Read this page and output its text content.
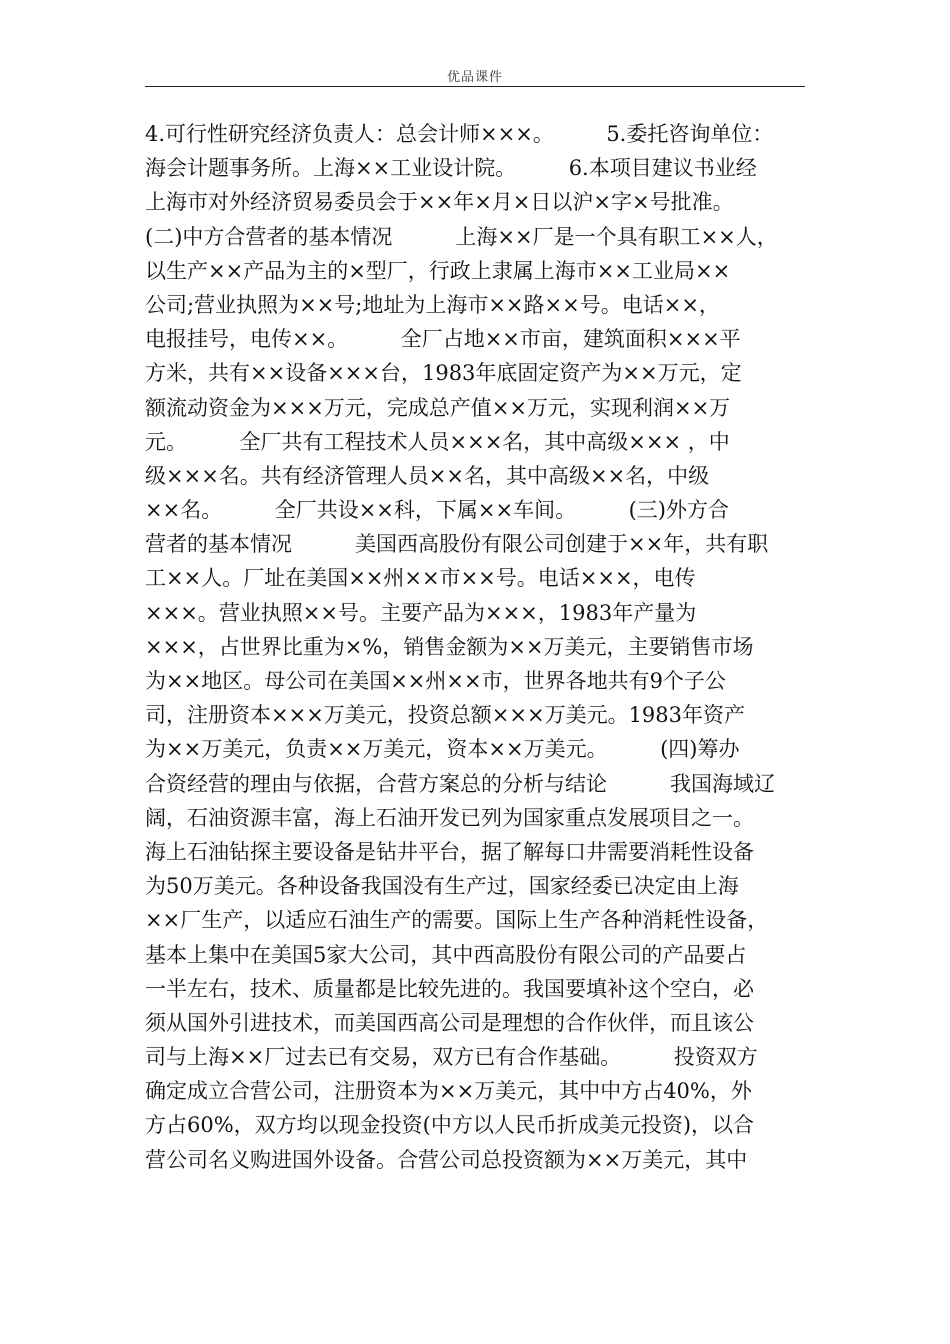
优品课件
4.可行性研究经济负责人：总会计师×××。　　　5.委托咨询单位：
海会计题事务所。上海××工业设计院。　　　6.本项目建议书业经
上海市对外经济贸易委员会于××年×月×日以沪×字×号批准。
(二)中方合营者的基本情况　　　上海××厂是一个具有职工××人，
以生产××产品为主的×型厂，行政上隶属上海市××工业局××
公司;营业执照为××号;地址为上海市××路××号。电话××，
电报挂号，电传××。　　　全厂占地××市亩，建筑面积×××平
方米，共有××设备×××台，1983年底固定资产为××万元，定
额流动资金为×××万元，完成总产值××万元，实现利润××万
元。　　　全厂共有工程技术人员×××名，其中高级××× ，中
级×××名。共有经济管理人员××名，其中高级××名，中级
××名。　　　全厂共设××科，下属××车间。　　　(三)外方合
营者的基本情况　　　美国西高股份有限公司创建于××年，共有职
工××人。厂址在美国××州××市××号。电话×××，电传
×××。营业执照××号。主要产品为×××，1983年产量为
×××，占世界比重为×%，销售金额为××万美元，主要销售市场
为××地区。母公司在美国××州××市，世界各地共有9个子公
司，注册资本×××万美元，投资总额×××万美元。1983年资产
为××万美元，负责××万美元，资本××万美元。　　　(四)筹办
合资经营的理由与依据，合营方案总的分析与结论　　　我国海域辽
阔，石油资源丰富，海上石油开发已列为国家重点发展项目之一。
海上石油钻探主要设备是钻井平台，据了解每口井需要消耗性设备
为50万美元。各种设备我国没有生产过，国家经委已决定由上海
××厂生产，以适应石油生产的需要。国际上生产各种消耗性设备，
基本上集中在美国5家大公司，其中西高股份有限公司的产品要占
一半左右，技术、质量都是比较先进的。我国要填补这个空白，必
须从国外引进技术，而美国西高公司是理想的合作伙伴，而且该公
司与上海××厂过去已有交易，双方已有合作基础。　　　投资双方
确定成立合营公司，注册资本为××万美元，其中中方占40%，外
方占60%，双方均以现金投资(中方以人民币折成美元投资)，以合
营公司名义购进国外设备。合营公司总投资额为××万美元，其中
